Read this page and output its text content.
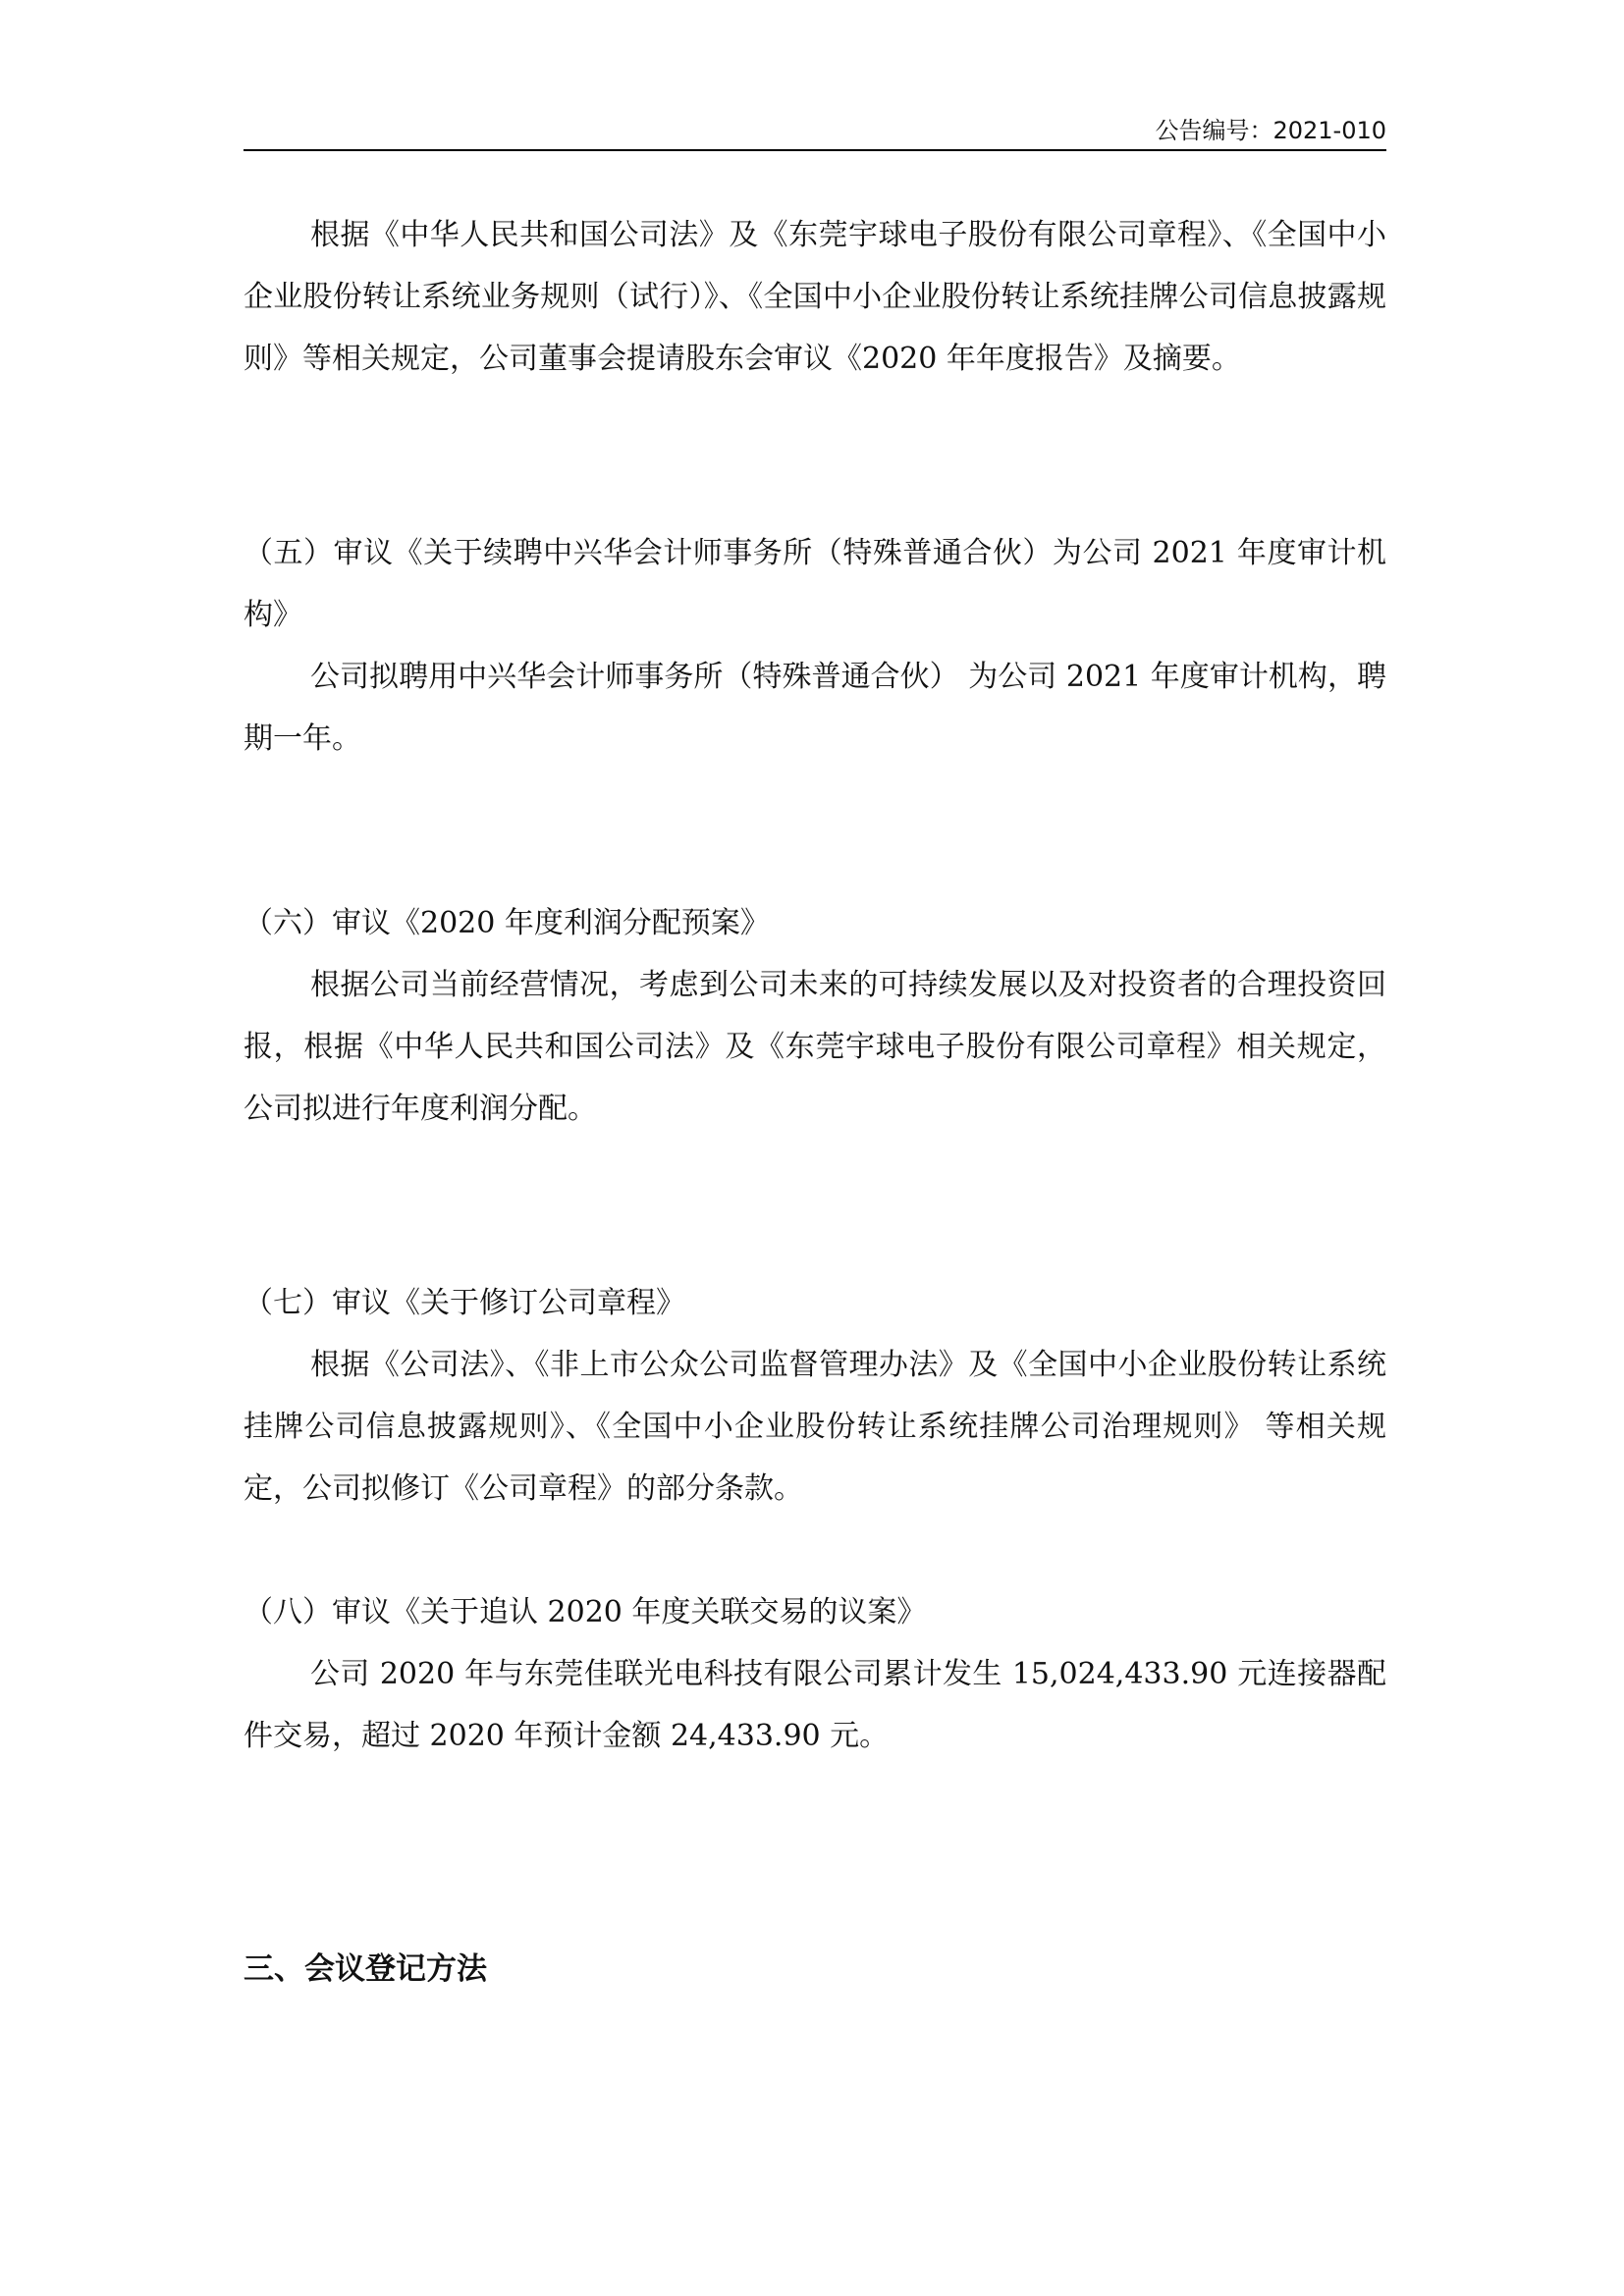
公告编号：2021-010

根据《中华人民共和国公司法》及《东莞宇球电子股份有限公司章程》、《全国中小企业股份转让系统业务规则（试行）》、《全国中小企业股份转让系统挂牌公司信息披露规则》等相关规定，公司董事会提请股东会审议《2020 年年度报告》及摘要。

（五）审议《关于续聘中兴华会计师事务所（特殊普通合伙）为公司 2021 年度审计机构》

公司拟聘用中兴华会计师事务所（特殊普通合伙） 为公司 2021 年度审计机构，聘期一年。

（六）审议《2020 年度利润分配预案》

根据公司当前经营情况，考虑到公司未来的可持续发展以及对投资者的合理投资回报，根据《中华人民共和国公司法》及《东莞宇球电子股份有限公司章程》相关规定，公司拟进行年度利润分配。

（七）审议《关于修订公司章程》

根据《公司法》、《非上市公众公司监督管理办法》及《全国中小企业股份转让系统挂牌公司信息披露规则》、《全国中小企业股份转让系统挂牌公司治理规则》 等相关规定，公司拟修订《公司章程》的部分条款。

（八）审议《关于追认 2020 年度关联交易的议案》

公司 2020 年与东莞佳联光电科技有限公司累计发生 15,024,433.90 元连接器配件交易，超过 2020 年预计金额 24,433.90 元。

三、会议登记方法
